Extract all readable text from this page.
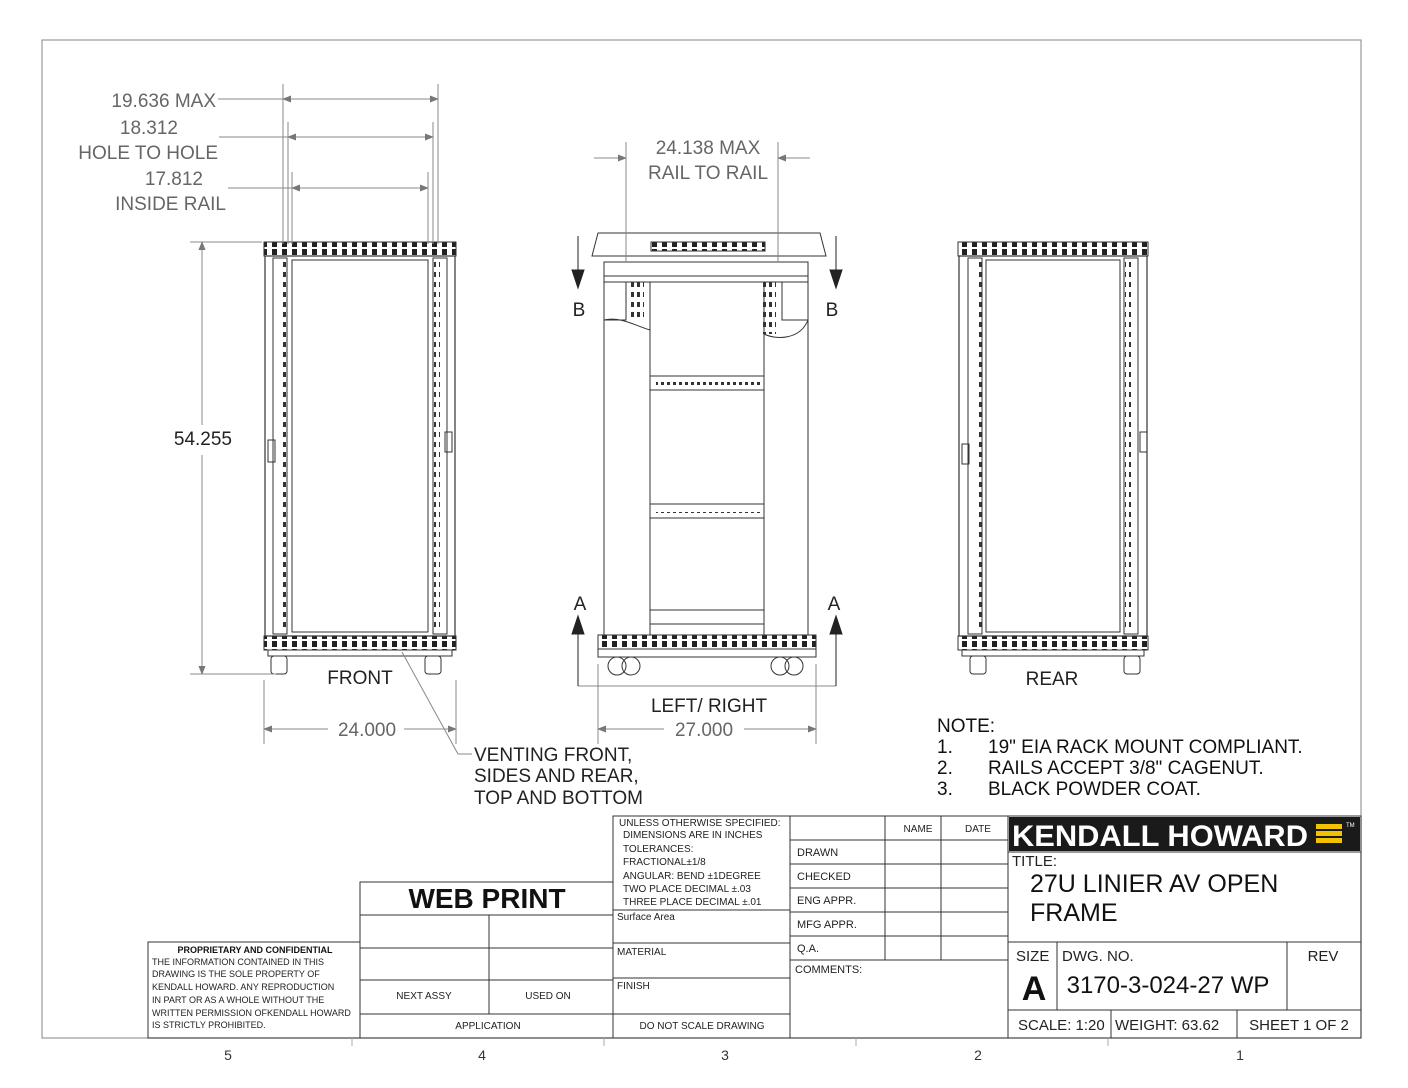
19.636 MAX
18.312
HOLE TO HOLE
17.812
INSIDE RAIL
54.255
24.000
FRONT
VENTING FRONT,
SIDES AND REAR,
TOP AND BOTTOM
B	B
A	A
24.138 MAX
RAIL TO RAIL
LEFT/ RIGHT
27.000
REAR
NOTE:
1. 19" EIA RACK MOUNT COMPLIANT.
2. RAILS ACCEPT 3/8" CAGENUT.
3. BLACK POWDER COAT.
PROPRIETARY AND CONFIDENTIAL
THE INFORMATION CONTAINED IN THIS
DRAWING IS THE SOLE PROPERTY OF
KENDALL HOWARD. ANY REPRODUCTION
IN PART OR AS A WHOLE WITHOUT THE
WRITTEN PERMISSION OFKENDALL HOWARD
IS STRICTLY PROHIBITED.
WEB PRINT
NEXT ASSY	USED ON
APPLICATION
UNLESS OTHERWISE SPECIFIED:
DIMENSIONS ARE IN INCHES
TOLERANCES:
FRACTIONAL±1/8
ANGULAR: BEND ±1DEGREE
TWO PLACE DECIMAL ±.03
THREE PLACE DECIMAL ±.01
Surface Area
MATERIAL
FINISH
DO NOT SCALE DRAWING
NAME	DATE
DRAWN
CHECKED
ENG APPR.
MFG APPR.
Q.A.
COMMENTS:
KENDALL HOWARD	TM
TITLE:
27U LINIER AV OPEN
FRAME
SIZE
A
DWG. NO.
3170-3-024-27 WP
REV
SCALE: 1:20 WEIGHT: 63.62 SHEET 1 OF 2
5	4	3	2	1
